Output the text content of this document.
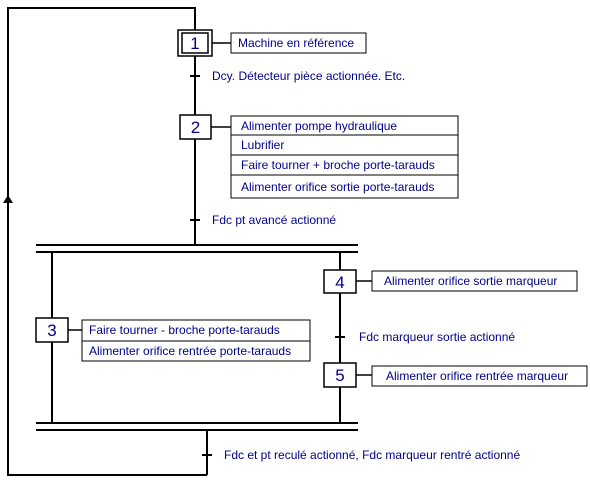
Dcy. Détecteur pièce actionnée. Etc.
Fdc pt avancé actionné
Fdc marqueur sortie actionné
Fdc et pt reculé actionné, Fdc marqueur rentré actionné
1	Machine en référence
2	Alimenter pompe hydraulique
Lubrifier
Faire tourner + broche porte-tarauds
Alimenter orifice sortie porte-tarauds
3	Faire tourner - broche porte-tarauds
Alimenter orifice rentrée porte-tarauds
4	Alimenter orifice sortie marqueur
5	Alimenter orifice rentrée marqueur
